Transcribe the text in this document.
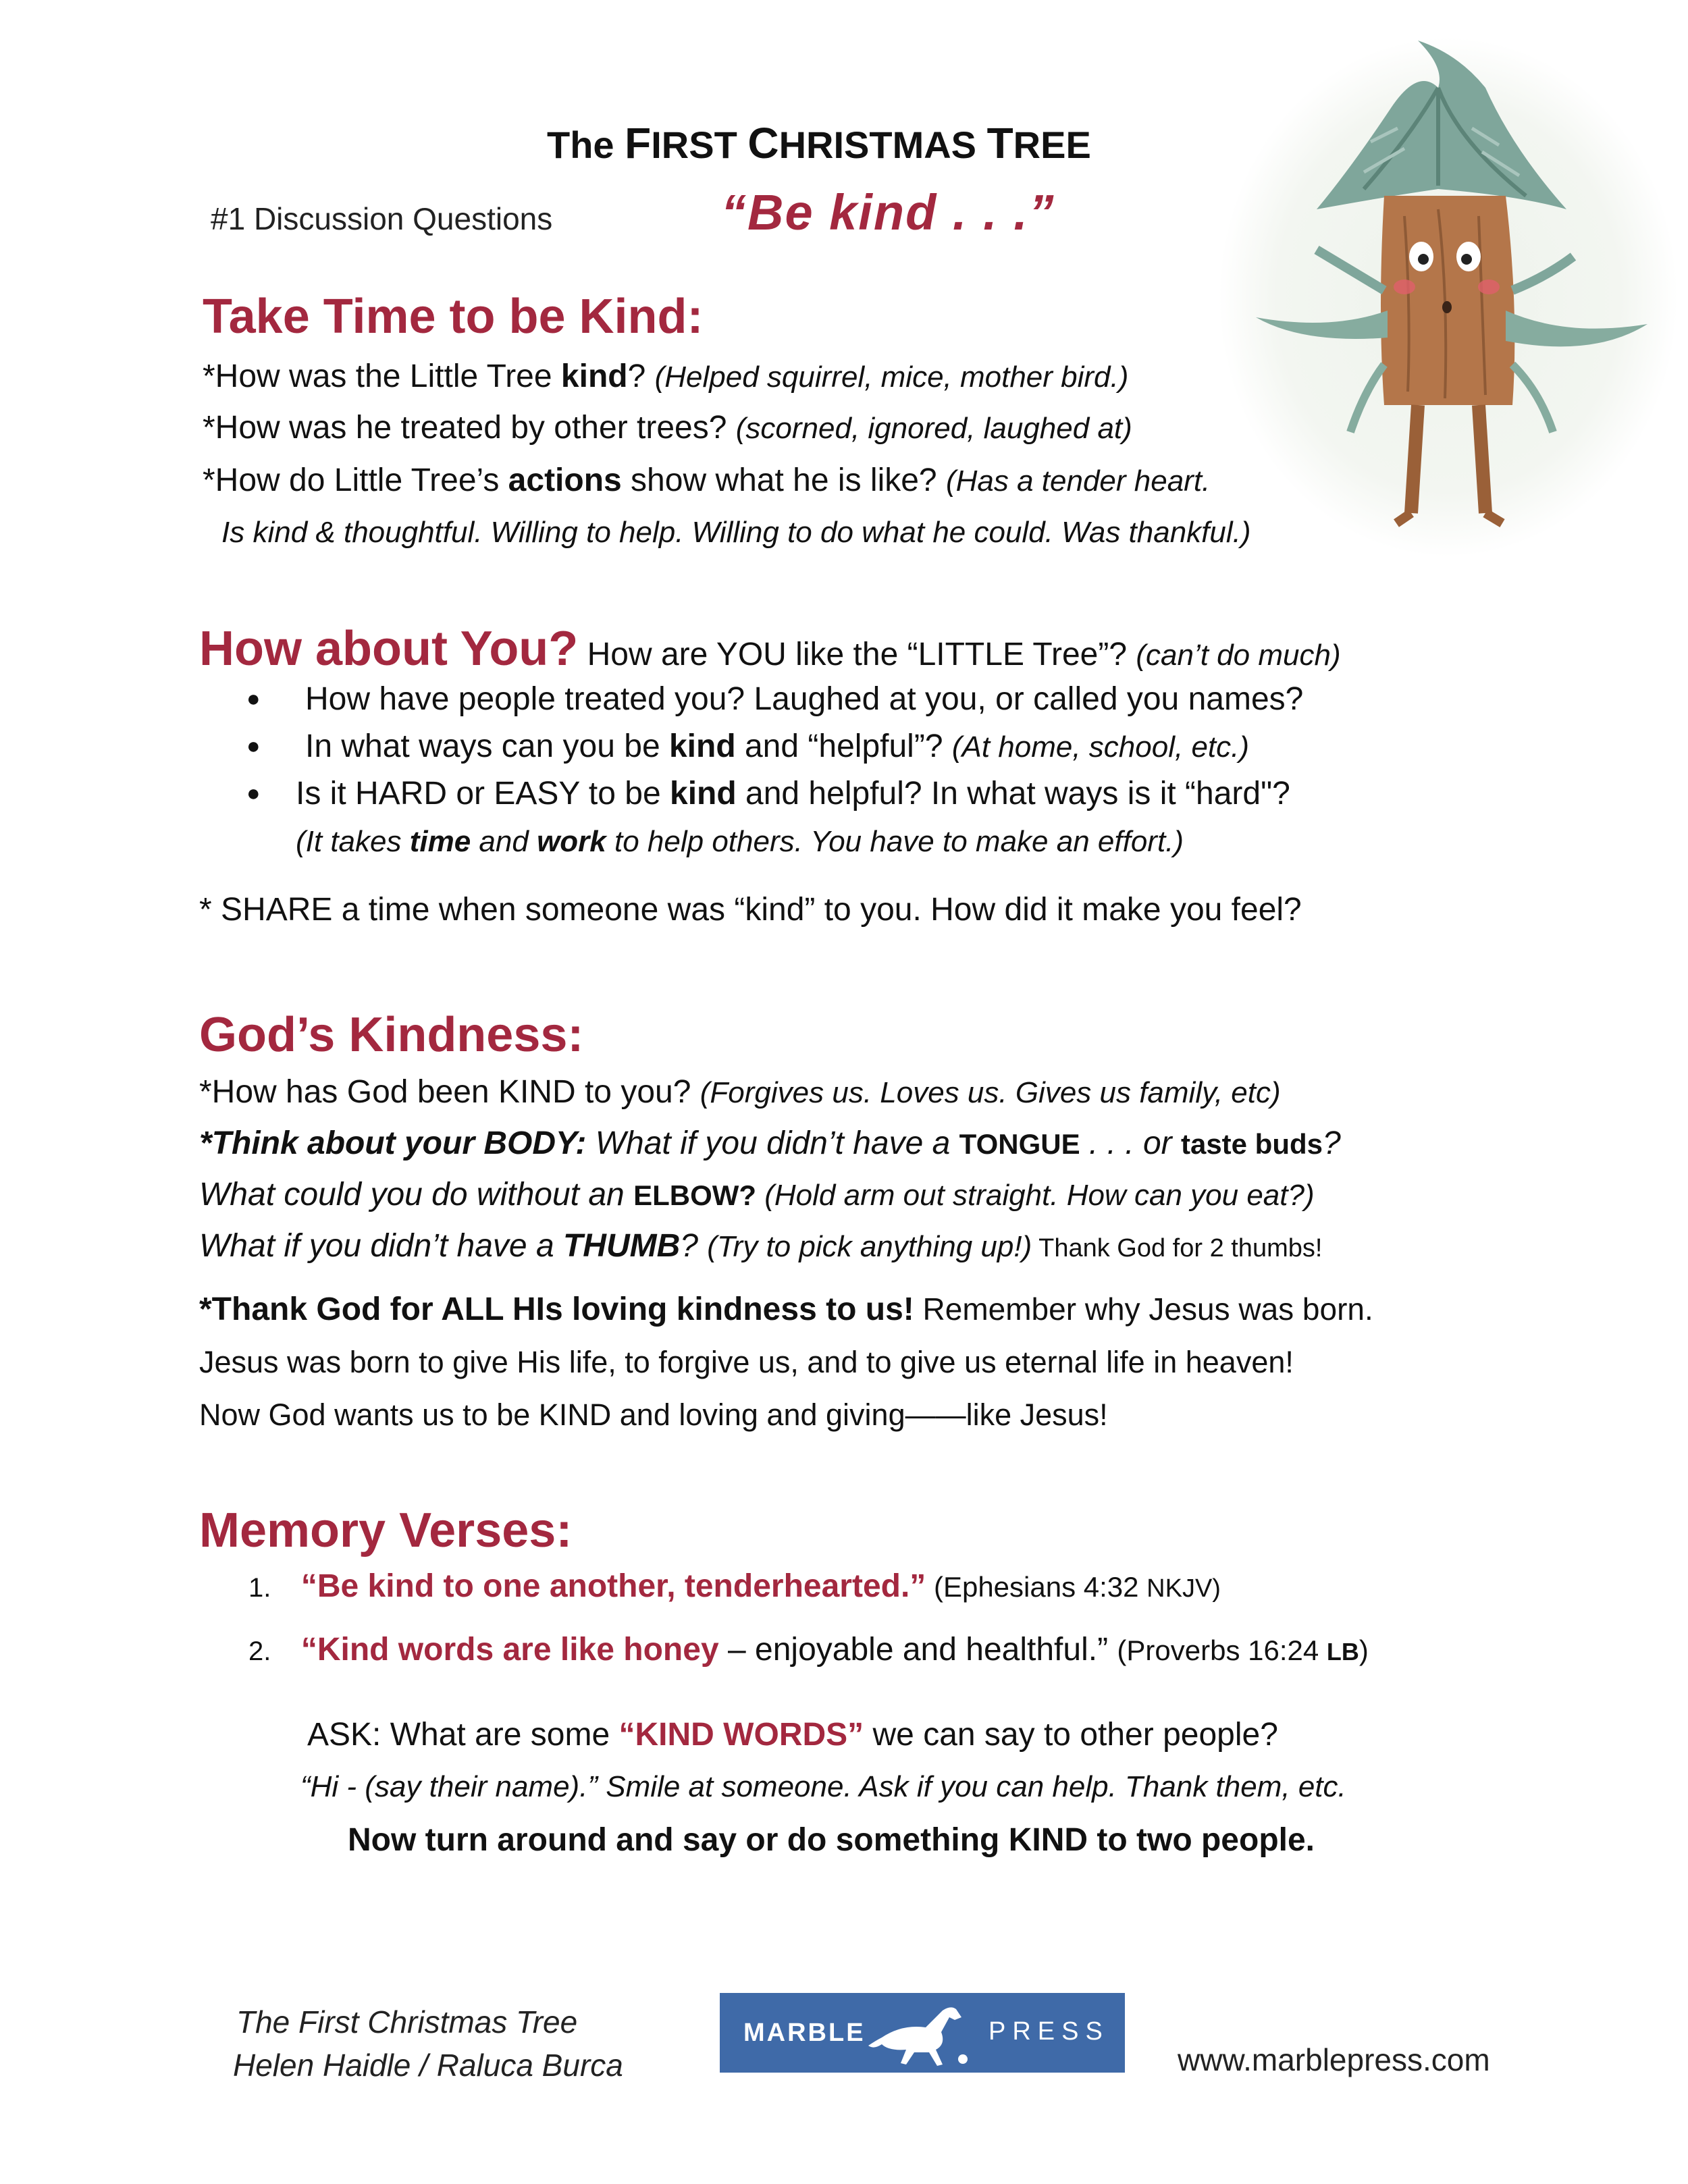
The FIRST CHRISTMAS TREE
#1 Discussion Questions	“Be kind . . .”
Take Time to be Kind:
*How was the Little Tree kind? (Helped squirrel, mice, mother bird.)
*How was he treated by other trees? (scorned, ignored, laughed at)
*How do Little Tree’s actions show what he is like? (Has a tender heart.
Is kind & thoughtful. Willing to help. Willing to do what he could. Was thankful.)
How about You? How are YOU like the “LITTLE Tree”? (can’t do much)
● How have people treated you? Laughed at you, or called you names?
● In what ways can you be kind and “helpful”? (At home, school, etc.)
● Is it HARD or EASY to be kind and helpful? In what ways is it “hard"?
(It takes time and work to help others. You have to make an effort.)
* SHARE a time when someone was “kind” to you. How did it make you feel?
God’s Kindness:
*How has God been KIND to you? (Forgives us. Loves us. Gives us family, etc)
*Think about your BODY: What if you didn’t have a TONGUE . . . or taste buds?
What could you do without an ELBOW? (Hold arm out straight. How can you eat?)
What if you didn’t have a THUMB? (Try to pick anything up!) Thank God for 2 thumbs!
*Thank God for ALL HIs loving kindness to us! Remember why Jesus was born.
Jesus was born to give His life, to forgive us, and to give us eternal life in heaven!
Now God wants us to be KIND and loving and giving——like Jesus!
Memory Verses:
1. “Be kind to one another, tenderhearted.” (Ephesians 4:32 NKJV)
2. “Kind words are like honey – enjoyable and healthful.” (Proverbs 16:24 LB)
ASK: What are some “KIND WORDS” we can say to other people?
“Hi - (say their name).” Smile at someone. Ask if you can help. Thank them, etc.
Now turn around and say or do something KIND to two people.
The First Christmas Tree
Helen Haidle / Raluca Burca
MARBLE	PRESS
www.marblepress.com
